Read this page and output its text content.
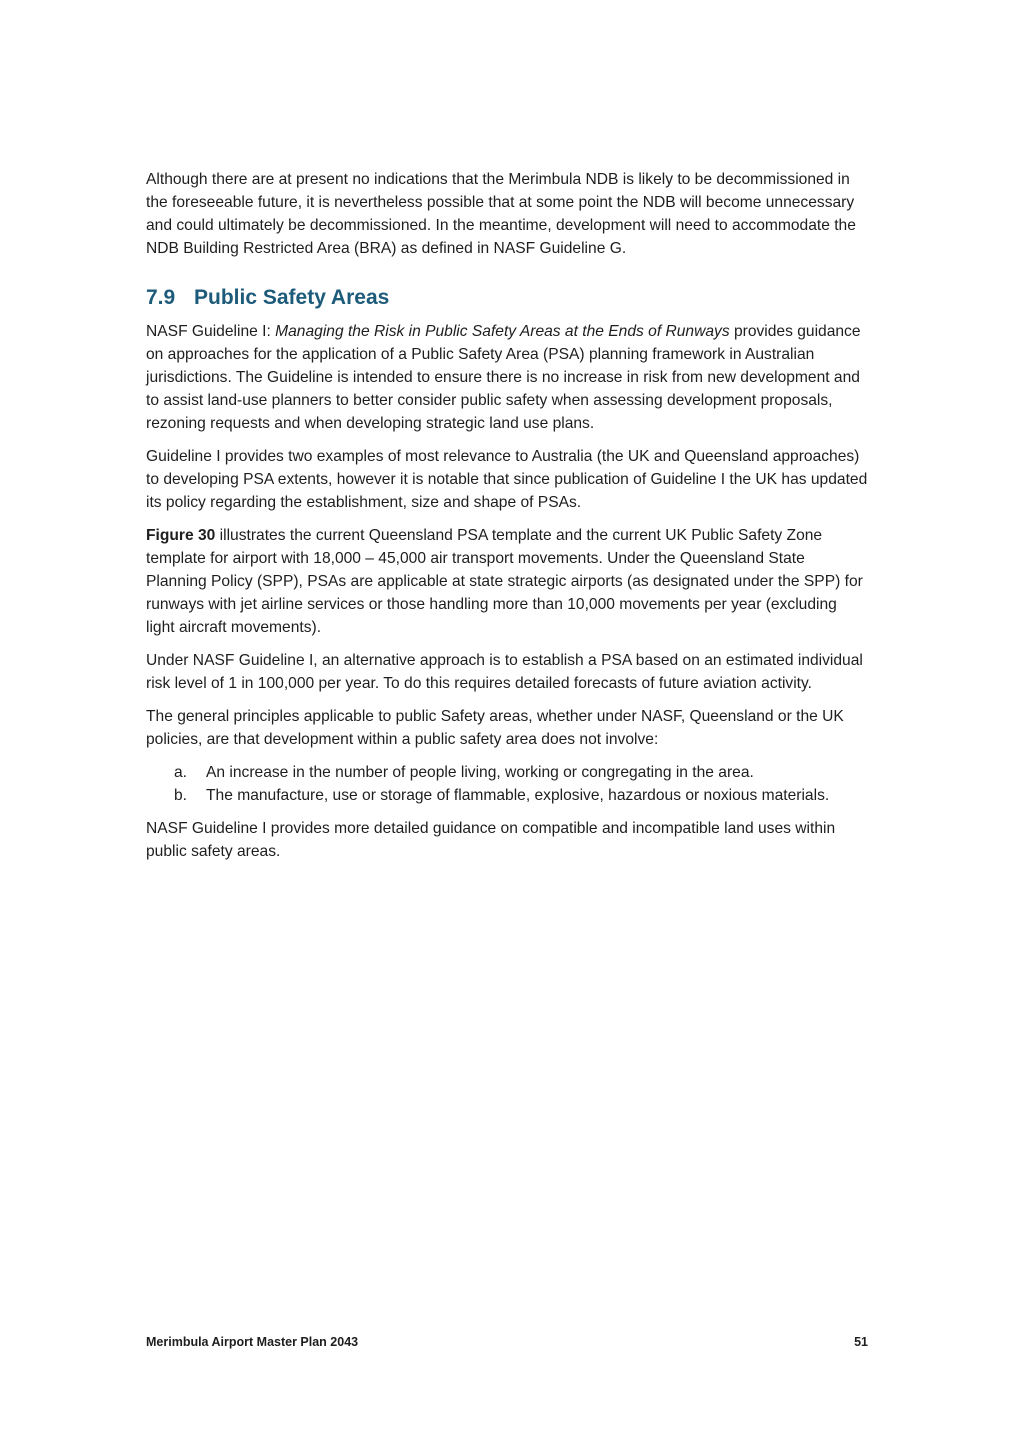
Although there are at present no indications that the Merimbula NDB is likely to be decommissioned in the foreseeable future, it is nevertheless possible that at some point the NDB will become unnecessary and could ultimately be decommissioned. In the meantime, development will need to accommodate the NDB Building Restricted Area (BRA) as defined in NASF Guideline G.

7.9 Public Safety Areas

NASF Guideline I: Managing the Risk in Public Safety Areas at the Ends of Runways provides guidance on approaches for the application of a Public Safety Area (PSA) planning framework in Australian jurisdictions. The Guideline is intended to ensure there is no increase in risk from new development and to assist land-use planners to better consider public safety when assessing development proposals, rezoning requests and when developing strategic land use plans.

Guideline I provides two examples of most relevance to Australia (the UK and Queensland approaches) to developing PSA extents, however it is notable that since publication of Guideline I the UK has updated its policy regarding the establishment, size and shape of PSAs.

Figure 30 illustrates the current Queensland PSA template and the current UK Public Safety Zone template for airport with 18,000 – 45,000 air transport movements. Under the Queensland State Planning Policy (SPP), PSAs are applicable at state strategic airports (as designated under the SPP) for runways with jet airline services or those handling more than 10,000 movements per year (excluding light aircraft movements).

Under NASF Guideline I, an alternative approach is to establish a PSA based on an estimated individual risk level of 1 in 100,000 per year. To do this requires detailed forecasts of future aviation activity.

The general principles applicable to public Safety areas, whether under NASF, Queensland or the UK policies, are that development within a public safety area does not involve:

a. An increase in the number of people living, working or congregating in the area.
b. The manufacture, use or storage of flammable, explosive, hazardous or noxious materials.

NASF Guideline I provides more detailed guidance on compatible and incompatible land uses within public safety areas.

Merimbula Airport Master Plan 2043	51
